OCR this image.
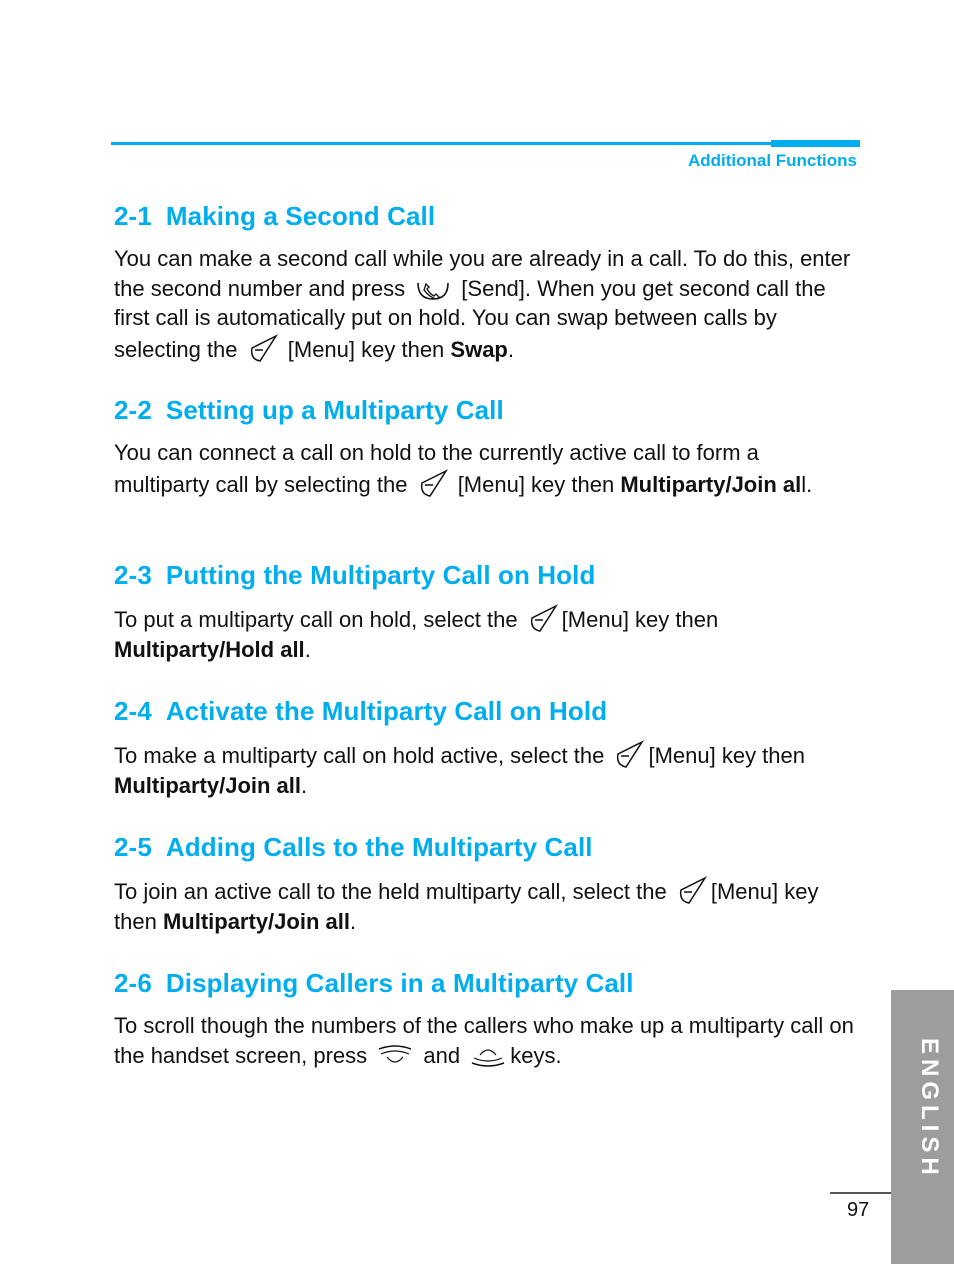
Additional Functions
2-1 Making a Second Call

You can make a second call while you are already in a call. To do this, enter the second number and press
[Send]. When you get second call the first call is automatically put on hold. You can swap between calls by selecting the
[Menu] key then Swap.

2-2 Setting up a Multiparty Call

You can connect a call on hold to the currently active call to form a multiparty call by selecting the
[Menu] key then Multiparty/Join all.

2-3 Putting the Multiparty Call on Hold

To put a multiparty call on hold, select the
[Menu] key then Multiparty/Hold all.

2-4 Activate the Multiparty Call on Hold

To make a multiparty call on hold active, select the
[Menu] key then Multiparty/Join all.

2-5 Adding Calls to the Multiparty Call

To join an active call to the held multiparty call, select the
[Menu] key then Multiparty/Join all.

2-6 Displaying Callers in a Multiparty Call

To scroll though the numbers of the callers who make up a multiparty call on the handset screen, press
and
keys.	ENGLISH
97
